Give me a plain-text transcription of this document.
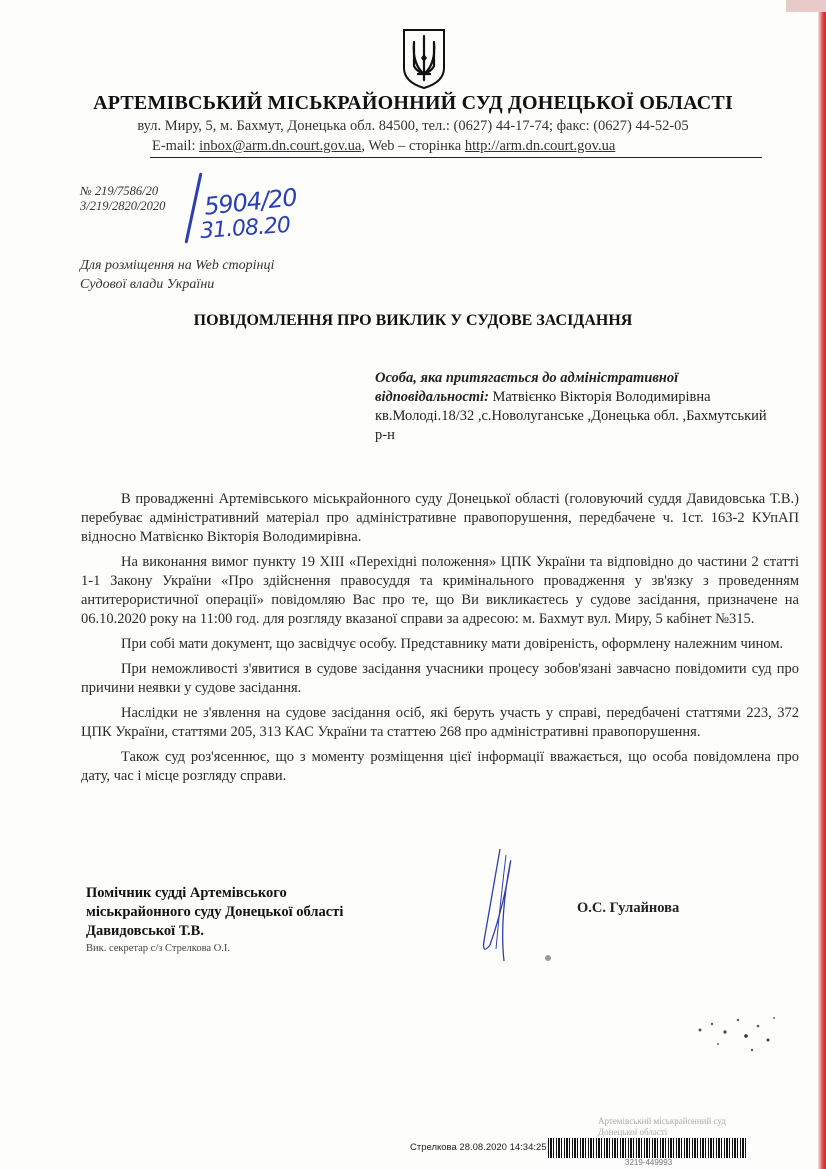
АРТЕМІВСЬКИЙ МІСЬКРАЙОННИЙ СУД ДОНЕЦЬКОЇ ОБЛАСТІ
вул. Миру, 5, м. Бахмут, Донецька обл. 84500, тел.: (0627) 44-17-74; факс: (0627) 44-52-05
E-mail: inbox@arm.dn.court.gov.ua, Web – сторінка http://arm.dn.court.gov.ua
№ 219/7586/20
3/219/2820/2020 5904/20
31.08.20
Для розміщення на Web сторінці
Судової влади України
ПОВІДОМЛЕННЯ ПРО ВИКЛИК У СУДОВЕ ЗАСІДАННЯ
Особа, яка притягається до адміністративної відповідальності: Матвієнко Вікторія Володимирівна
кв.Молоді.18/32 ,с.Новолуганське ,Донецька обл. ,Бахмутський р-н

В провадженні Артемівського міськрайонного суду Донецької області (головуючий суддя Давидовська Т.В.) перебуває адміністративний матеріал про адміністративне правопорушення, передбачене ч. 1ст. 163-2 КУпАП відносно Матвієнко Вікторія Володимирівна.

На виконання вимог пункту 19 ХІІІ «Перехідні положення» ЦПК України та відповідно до частини 2 статті 1-1 Закону України «Про здійснення правосуддя та кримінального провадження у зв'язку з проведенням антитерористичної операції» повідомляю Вас про те, що Ви викликаєтесь у судове засідання, призначене на 06.10.2020 року на 11:00 год. для розгляду вказаної справи за адресою: м. Бахмут вул. Миру, 5 кабінет №315.

При собі мати документ, що засвідчує особу. Представнику мати довіреність, оформлену належним чином.

При неможливості з'явитися в судове засідання учасники процесу зобов'язані завчасно повідомити суд про причини неявки у судове засідання.

Наслідки не з'явлення на судове засідання осіб, які беруть участь у справі, передбачені статтями 223, 372 ЦПК України, статтями 205, 313 КАС України та статтею 268 про адміністративні правопорушення.

Також суд роз'ясеннює, що з моменту розміщення цієї інформації вважається, що особа повідомлена про дату, час і місце розгляду справи.

Помічник судді Артемівського
міськрайонного суду Донецької області
Давидовської Т.В.
Вик. секретар с/з Стрелкова О.І.
О.С. Гулайнова
Артемівський міськрайонний суд
Донецької області
Стрелкова 28.08.2020 14:34:25
3219-449993
